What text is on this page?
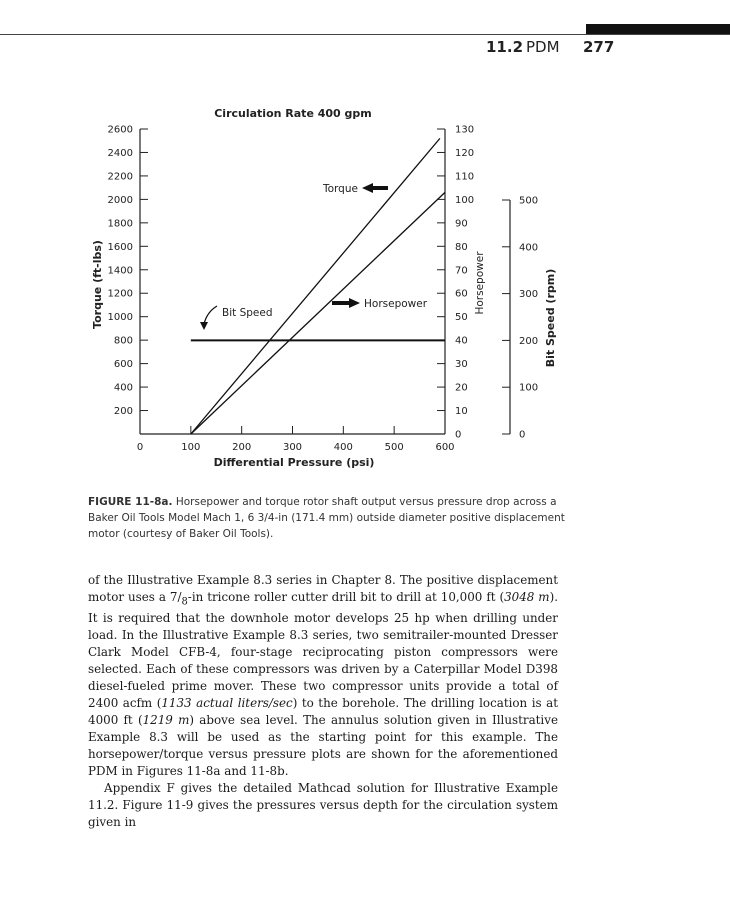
11.2 PDM 277
Circulation Rate 400 gpm
200
400
600
800
1000
1200
1400
1600
1800
2000
2200
2400
2600
Torque (ft-lbs)
0	100	200	300	400	500	600
Differential Pressure (psi)
0
10
20
30
40
50
60
70
80
90
100
110
120
130
Horsepower
0
100
200
300
400
500
Bit Speed (rpm)
Torque
Horsepower
Bit Speed
FIGURE 11-8a. Horsepower and torque rotor shaft output versus pressure drop across a Baker Oil Tools Model Mach 1, 6 3/4-in (171.4 mm) outside diameter positive displacement motor (courtesy of Baker Oil Tools).

of the Illustrative Example 8.3 series in Chapter 8. The positive displacement motor uses a $7/_8-in$ tricone roller cutter drill bit to drill at 10,000 ft (3048 m). It is required that the downhole motor develops 25 hp when drilling under load. In the Illustrative Example 8.3 series, two semitrailer-mounted Dresser Clark Model CFB-4, four-stage reciprocating piston compressors were selected. Each of these compressors was driven by a Caterpillar Model D398 diesel-fueled prime mover. These two compressor units provide a total of 2400 acfm (1133 actual liters/sec) to the borehole. The drilling location is at 4000 ft (1219 m) above sea level. The annulus solution given in Illustrative Example 8.3 will be used as the starting point for this example. The horsepower/torque versus pressure plots are shown for the aforementioned PDM in Figures 11-8a and 11-8b.

Appendix F gives the detailed Mathcad solution for Illustrative Example 11.2. Figure 11-9 gives the pressures versus depth for the circulation system given in
